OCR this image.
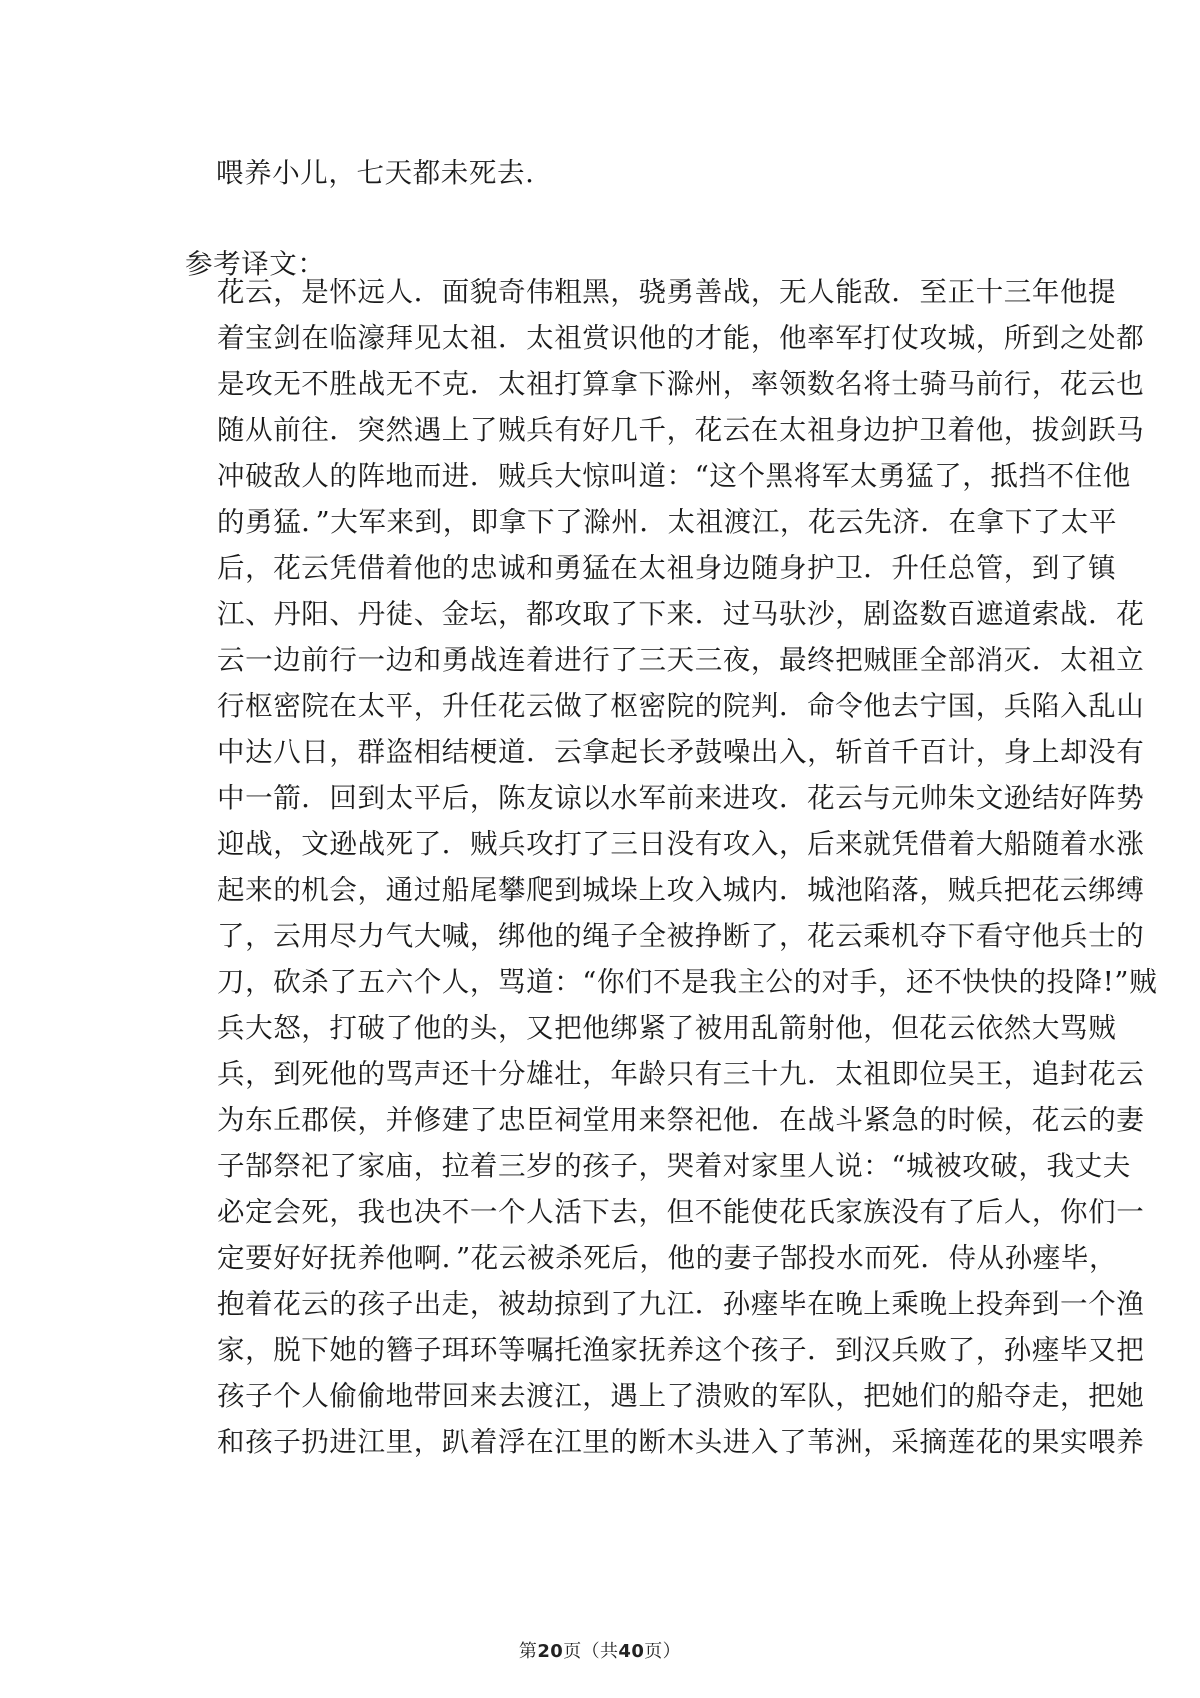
喂养小儿，七天都未死去.

参考译文：

花云，是怀远人．面貌奇伟粗黑，骁勇善战，无人能敌．至正十三年他提

着宝剑在临濠拜见太祖．太祖赏识他的才能，他率军打仗攻城，所到之处都

是攻无不胜战无不克．太祖打算拿下滁州，率领数名将士骑马前行，花云也

随从前往．突然遇上了贼兵有好几千，花云在太祖身边护卫着他，拔剑跃马

冲破敌人的阵地而进．贼兵大惊叫道：“这个黑将军太勇猛了，抵挡不住他

的勇猛．”大军来到，即拿下了滁州．太祖渡江，花云先济．在拿下了太平

后，花云凭借着他的忠诚和勇猛在太祖身边随身护卫．升任总管，到了镇

江、丹阳、丹徒、金坛，都攻取了下来．过马驮沙，剧盗数百遮道索战．花

云一边前行一边和勇战连着进行了三天三夜，最终把贼匪全部消灭．太祖立

行枢密院在太平，升任花云做了枢密院的院判．命令他去宁国，兵陷入乱山

中达八日，群盗相结梗道．云拿起长矛鼓噪出入，斩首千百计，身上却没有

中一箭．回到太平后，陈友谅以水军前来进攻．花云与元帅朱文逊结好阵势

迎战，文逊战死了．贼兵攻打了三日没有攻入，后来就凭借着大船随着水涨

起来的机会，通过船尾攀爬到城垛上攻入城内．城池陷落，贼兵把花云绑缚

了，云用尽力气大喊，绑他的绳子全被挣断了，花云乘机夺下看守他兵士的

刀，砍杀了五六个人，骂道：“你们不是我主公的对手，还不快快的投降!”贼

兵大怒，打破了他的头，又把他绑紧了被用乱箭射他，但花云依然大骂贼

兵，到死他的骂声还十分雄壮，年龄只有三十九．太祖即位吴王，追封花云

为东丘郡侯，并修建了忠臣祠堂用来祭祀他．在战斗紧急的时候，花云的妻

子郜祭祀了家庙，拉着三岁的孩子，哭着对家里人说：“城被攻破，我丈夫

必定会死，我也决不一个人活下去，但不能使花氏家族没有了后人，你们一

定要好好抚养他啊．”花云被杀死后，他的妻子郜投水而死．侍从孙瘗毕，

抱着花云的孩子出走，被劫掠到了九江．孙瘗毕在晚上乘晚上投奔到一个渔

家，脱下她的簪子珥环等嘱托渔家抚养这个孩子．到汉兵败了，孙瘗毕又把

孩子个人偷偷地带回来去渡江，遇上了溃败的军队，把她们的船夺走，把她

和孩子扔进江里，趴着浮在江里的断木头进入了苇洲，采摘莲花的果实喂养

第20页（共40页）
